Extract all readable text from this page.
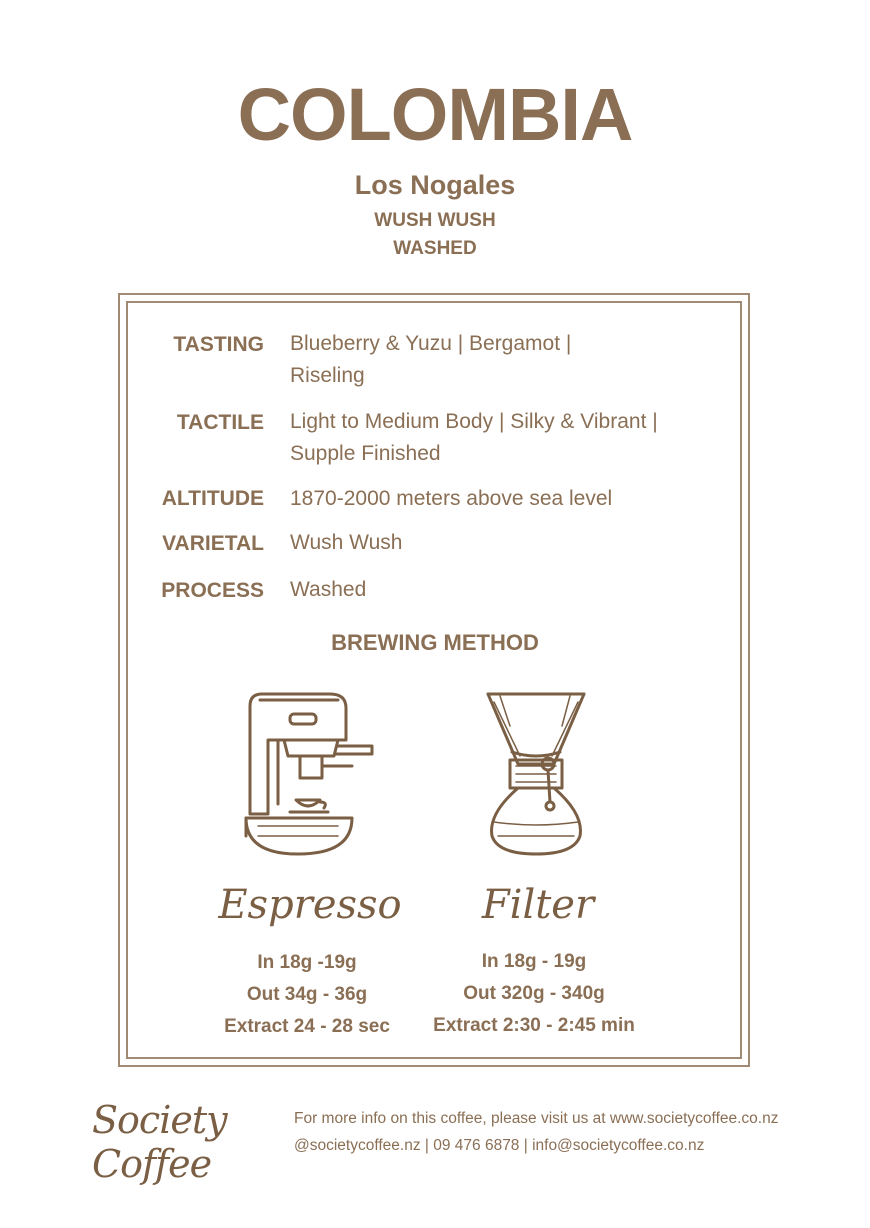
COLOMBIA
Los Nogales
WUSH WUSH
WASHED
TASTING Blueberry & Yuzu | Bergamot |
Riseling
TACTILE Light to Medium Body | Silky & Vibrant |
Supple Finished
ALTITUDE 1870-2000 meters above sea level
VARIETAL Wush Wush
PROCESS Washed
BREWING METHOD
Espresso	Filter
In 18g -19g
Out 34g - 36g
Extract 24 - 28 sec
In 18g - 19g
Out 320g - 340g
Extract 2:30 - 2:45 min
Society Coffee
For more info on this coffee, please visit us at www.societycoffee.co.nz
@societycoffee.nz | 09 476 6878 | info@societycoffee.co.nz
